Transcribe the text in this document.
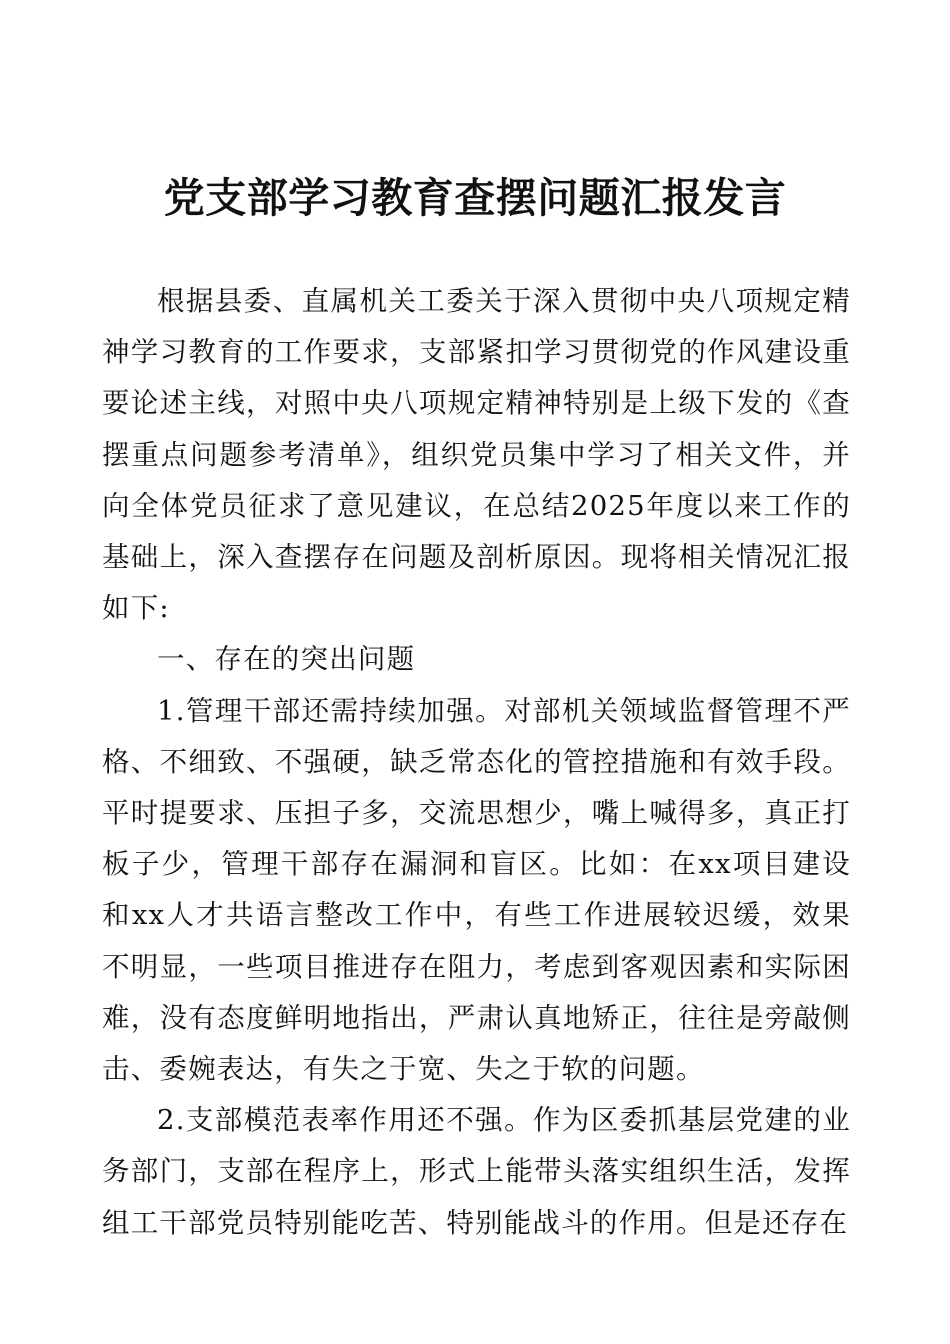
党支部学习教育查摆问题汇报发言

根据县委、直属机关工委关于深入贯彻中央八项规定精神学习教育的工作要求，支部紧扣学习贯彻党的作风建设重要论述主线，对照中央八项规定精神特别是上级下发的《查摆重点问题参考清单》，组织党员集中学习了相关文件，并向全体党员征求了意见建议，在总结2025年度以来工作的基础上，深入查摆存在问题及剖析原因。现将相关情况汇报如下:

一、存在的突出问题

1.管理干部还需持续加强。对部机关领域监督管理不严格、不细致、不强硬，缺乏常态化的管控措施和有效手段。平时提要求、压担子多，交流思想少，嘴上喊得多，真正打板子少，管理干部存在漏洞和盲区。比如：在xx项目建设和xx人才共语言整改工作中，有些工作进展较迟缓，效果不明显，一些项目推进存在阻力，考虑到客观因素和实际困难，没有态度鲜明地指出，严肃认真地矫正，往往是旁敲侧击、委婉表达，有失之于宽、失之于软的问题。

2.支部模范表率作用还不强。作为区委抓基层党建的业务部门，支部在程序上，形式上能带头落实组织生活，发挥组工干部党员特别能吃苦、特别能战斗的作用。但是还存在
